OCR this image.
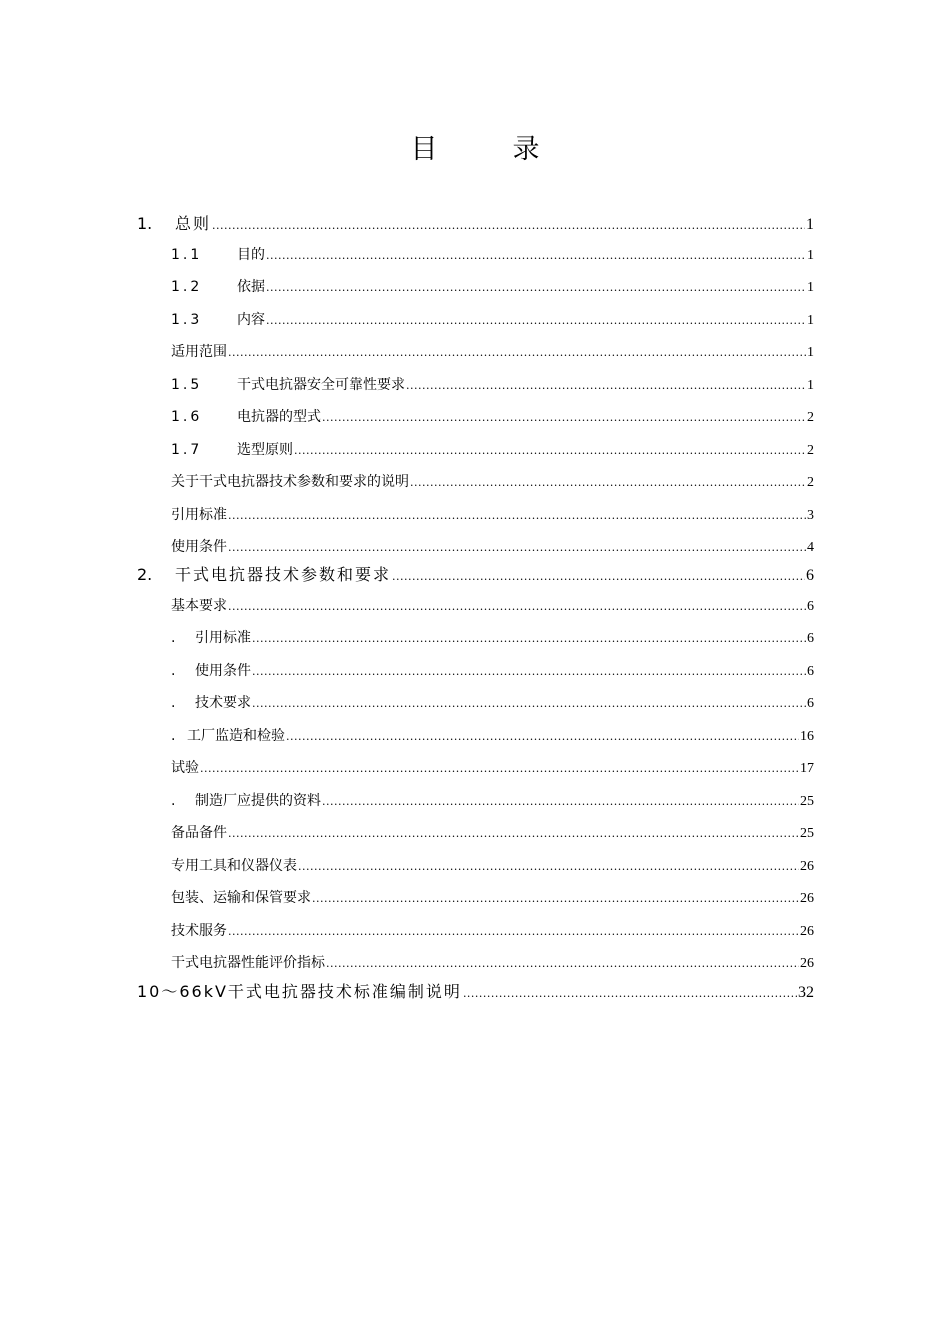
目　录
1.	总则 .....	1
1.1	目的 .....	1
1.2	依据 .....	1
1.3	内容 .....	1
适用范围 .....	1
1.5	干式电抗器安全可靠性要求 .....	1
1.6	电抗器的型式 .....	2
1.7	选型原则 .....	2
关于干式电抗器技术参数和要求的说明 .....	2
引用标准 .....	3
使用条件 .....	4
2.	干式电抗器技术参数和要求 .....	6
基本要求 .....	6
.	引用标准 .....	6
.	使用条件 .....	6
.	技术要求 .....	6
. 工厂监造和检验 .....	16
试验 .....	17
.	制造厂应提供的资料 .....	25
备品备件 .....	25
专用工具和仪器仪表 .....	26
包装、运输和保管要求 .....	26
技术服务 .....	26
干式电抗器性能评价指标 .....	26
10～66kV干式电抗器技术标准编制说明 .....	32
